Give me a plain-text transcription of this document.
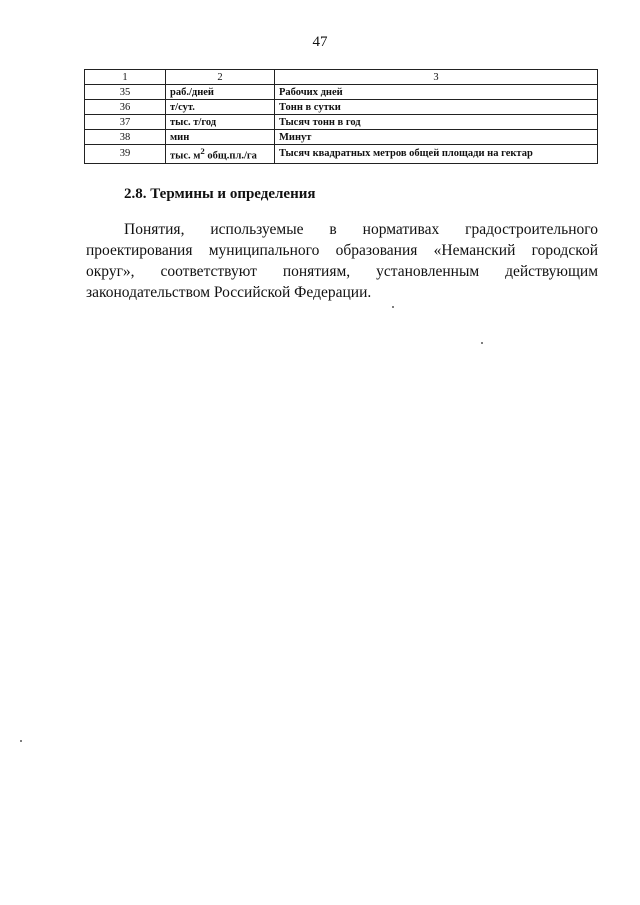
47
1	2	3
35	раб./дней	Рабочих дней
36	т/сут.	Тонн в сутки
37	тыс. т/год	Тысяч тонн в год
38	мин	Минут
39	тыс. $м^2$ общ.пл./га	Тысяч квадратных метров общей площади на гектар
2.8. Термины и определения

Понятия, используемые в нормативах градостроительного проектирования муниципального образования «Неманский городской округ», соответствуют понятиям, установленным действующим законодательством Российской Федерации.
